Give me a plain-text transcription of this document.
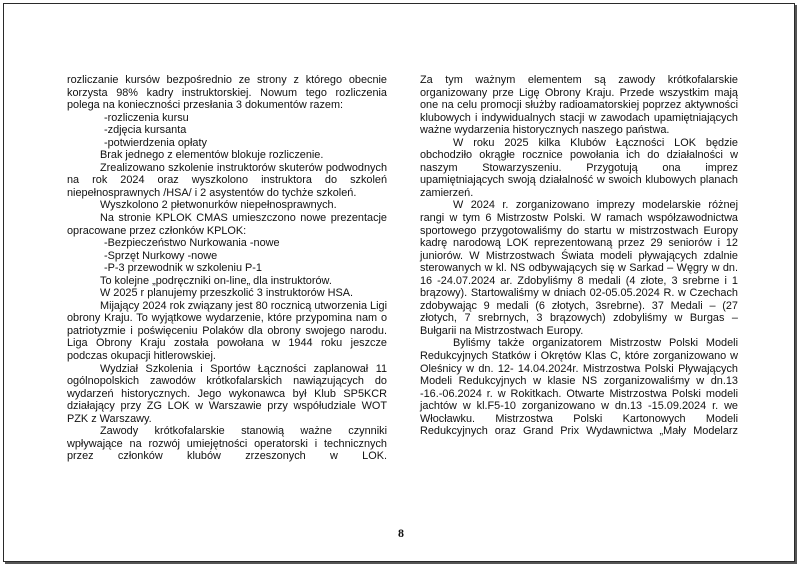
rozliczanie kursów bezpośrednio ze strony z którego obecnie korzysta 98% kadry instruktorskiej. Nowum tego rozliczenia polega na konieczności przesłania 3 dokumentów razem:

-rozliczenia kursu

-zdjęcia kursanta

-potwierdzenia opłaty

Brak jednego z elementów blokuje rozliczenie.

Zrealizowano szkolenie instruktorów skuterów podwodnych na rok 2024 oraz wyszkolono instruktora do szkoleń niepełnosprawnych /HSA/ i 2 asystentów do tychże szkoleń.

Wyszkolono 2 płetwonurków niepełnosprawnych.

Na stronie KPLOK CMAS umieszczono nowe prezentacje opracowane przez członków KPLOK:

-Bezpieczeństwo Nurkowania -nowe

-Sprzęt Nurkowy -nowe

-P-3 przewodnik w szkoleniu P-1

To kolejne „podręczniki on-line„ dla instruktorów.

W 2025 r planujemy przeszkolić 3 instruktorów HSA.

Mijający 2024 rok związany jest 80 rocznicą utworzenia Ligi obrony Kraju. To wyjątkowe wydarzenie, które przypomina nam o patriotyzmie i poświęceniu Polaków dla obrony swojego narodu. Liga Obrony Kraju została powołana w 1944 roku jeszcze podczas okupacji hitlerowskiej.

Wydział Szkolenia i Sportów Łączności zaplanował 11 ogólnopolskich zawodów krótkofalarskich nawiązujących do wydarzeń historycznych. Jego wykonawca był Klub SP5KCR działający przy ZG LOK w Warszawie przy współudziale WOT PZK z Warszawy.

Zawody krótkofalarskie stanowią ważne czynniki wpływające na rozwój umiejętności operatorski i technicznych przez członków klubów zrzeszonych w LOK.

Za tym ważnym elementem są zawody krótkofalarskie organizowany prze Ligę Obrony Kraju. Przede wszystkim mają one na celu promocji służby radioamatorskiej poprzez aktywności klubowych i indywidualnych stacji w zawodach upamiętniających ważne wydarzenia historycznych naszego państwa.

W roku 2025 kilka Klubów Łączności LOK będzie obchodziło okrągłe rocznice powołania ich do działalności w naszym Stowarzyszeniu. Przygotują ona imprez upamiętniających swoją działalność w swoich klubowych planach zamierzeń.

W 2024 r. zorganizowano imprezy modelarskie różnej rangi w tym 6 Mistrzostw Polski. W ramach współzawodnictwa sportowego przygotowaliśmy do startu w mistrzostwach Europy kadrę narodową LOK reprezentowaną przez 29 seniorów i 12 juniorów. W Mistrzostwach Świata modeli pływających zdalnie sterowanych w kl. NS odbywających się w Sarkad – Węgry w dn. 16 -24.07.2024 ar. Zdobyliśmy 8 medali (4 złote, 3 srebrne i 1 brązowy). Startowaliśmy w dniach 02-05.05.2024 R. w Czechach zdobywając 9 medali (6 złotych, 3srebrne). 37 Medali – (27 złotych, 7 srebrnych, 3 brązowych) zdobyliśmy w Burgas – Bułgarii na Mistrzostwach Europy.

Byliśmy także organizatorem Mistrzostw Polski Modeli Redukcyjnych Statków i Okrętów Klas C, które zorganizowano w Oleśnicy w dn. 12- 14.04.2024r. Mistrzostwa Polski Pływających Modeli Redukcyjnych w klasie NS zorganizowaliśmy w dn.13 -16.-06.2024 r. w Rokitkach. Otwarte Mistrzostwa Polski modeli jachtów w kl.F5-10 zorganizowano w dn.13 -15.09.2024 r. we Włocławku. Mistrzostwa Polski Kartonowych Modeli Redukcyjnych oraz Grand Prix Wydawnictwa „Mały Modelarz

8
